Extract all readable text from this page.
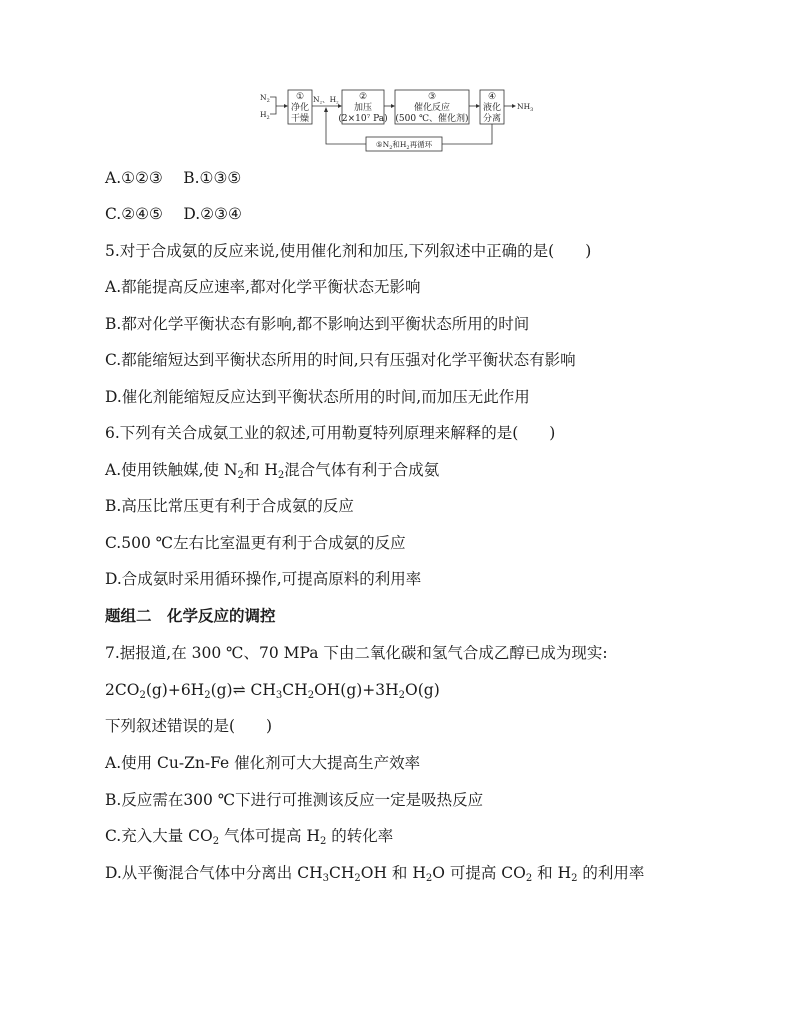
$N_2$
$H_2$
①
净化
干燥
$N_2$、$H_2$ ②
加压
(2×10⁷ Pa)
③
催化反应
(500 ℃、催化剂)
④
液化
分离
$NH_3$
$⑤N_2$和$H_2$再循环
A.①②③　 B.①③⑤
C.②④⑤　 D.②③④
5.对于合成氨的反应来说,使用催化剂和加压,下列叙述中正确的是(　　)
A.都能提高反应速率,都对化学平衡状态无影响
B.都对化学平衡状态有影响,都不影响达到平衡状态所用的时间
C.都能缩短达到平衡状态所用的时间,只有压强对化学平衡状态有影响
D.催化剂能缩短反应达到平衡状态所用的时间,而加压无此作用
6.下列有关合成氨工业的叙述,可用勒夏特列原理来解释的是(　　)
A.使用铁触媒,使 $N_2$和 $H_2$混合气体有利于合成氨
B.高压比常压更有利于合成氨的反应
C.500 ℃左右比室温更有利于合成氨的反应
D.合成氨时采用循环操作,可提高原料的利用率
题组二　化学反应的调控
7.据报道,在 300 ℃、70 MPa 下由二氧化碳和氢气合成乙醇已成为现实:
$2CO_2(g)+6H_2(g)\rightleftharpoons$ $CH_3CH_2OH(g)+3H_2O(g)$
下列叙述错误的是(　　)
A.使用 Cu-Zn-Fe 催化剂可大大提高生产效率
B.反应需在300 ℃下进行可推测该反应一定是吸热反应
C.充入大量 $CO_2$ 气体可提高 $H_2$ 的转化率
D.从平衡混合气体中分离出 $CH_3CH_2OH$ 和 $H_2O$ 可提高 $CO_2$ 和 $H_2$ 的利用率
